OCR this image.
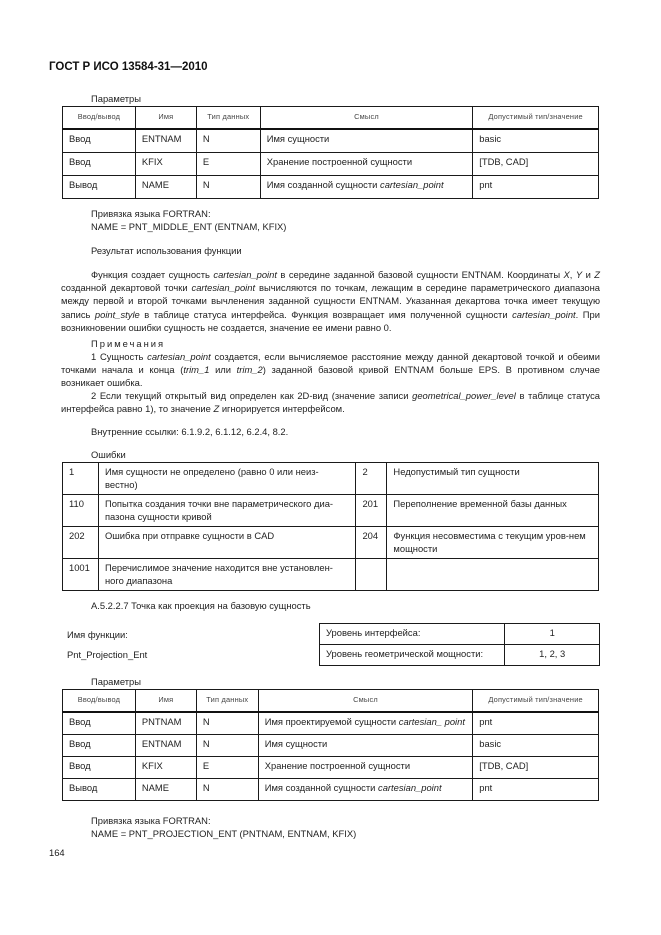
ГОСТ Р ИСО 13584-31—2010
Параметры
Ввод/вывод	Имя	Тип данных	Смысл	Допустимый тип/значение
Ввод	ENTNAM	N	Имя сущности	basic
Ввод	KFIX	E	Хранение построенной сущности	[TDB, CAD]
Вывод	NAME	N	Имя созданной сущности cartesian_point	pnt
Привязка языка FORTRAN:
NAME = PNT_MIDDLE_ENT (ENTNAM, KFIX)
Результат использования функции
Функция создает сущность cartesian_point в середине заданной базовой сущности ENTNAM. Координаты X, Y и Z созданной декартовой точки cartesian_point вычисляются по точкам, лежащим в середине параметрического диапазона между первой и второй точками вычленения заданной сущности ENTNAM. Указанная декартова точка имеет текущую запись point_style в таблице статуса интерфейса. Функция возвращает имя полученной сущности cartesian_point. При возникновении ошибки сущность не создается, значение ее имени равно 0.
Примечания
1 Сущность cartesian_point создается, если вычисляемое расстояние между данной декартовой точкой и обеими точками начала и конца (trim_1 или trim_2) заданной базовой кривой ENTNAM больше EPS. В противном случае возникает ошибка.
2 Если текущий открытый вид определен как 2D-вид (значение записи geometrical_power_level в таблице статуса интерфейса равно 1), то значение Z игнорируется интерфейсом.
Внутренние ссылки: 6.1.9.2, 6.1.12, 6.2.4, 8.2.
Ошибки
1	Имя сущности не определено (равно 0 или неиз-вестно)	2	Недопустимый тип сущности
110	Попытка создания точки вне параметрического диа-пазона сущности кривой	201	Переполнение временной базы данных
202	Ошибка при отправке сущности в CAD	204	Функция несовместима с текущим уров-нем мощности
1001	Перечислимое значение находится вне установлен-ного диапазона		
А.5.2.2.7 Точка как проекция на базовую сущность
Имя функции:
Pnt_Projection_Ent
Уровень интерфейса:	1
Уровень геометрической мощности:	1, 2, 3
Параметры
Ввод/вывод	Имя	Тип данных	Смысл	Допустимый тип/значение
Ввод	PNTNAM	N	Имя проектируемой сущности cartesian_ point	pnt
Ввод	ENTNAM	N	Имя сущности	basic
Ввод	KFIX	E	Хранение построенной сущности	[TDB, CAD]
Вывод	NAME	N	Имя созданной сущности cartesian_point	pnt
Привязка языка FORTRAN:
NAME = PNT_PROJECTION_ENT (PNTNAM, ENTNAM, KFIX)
164
